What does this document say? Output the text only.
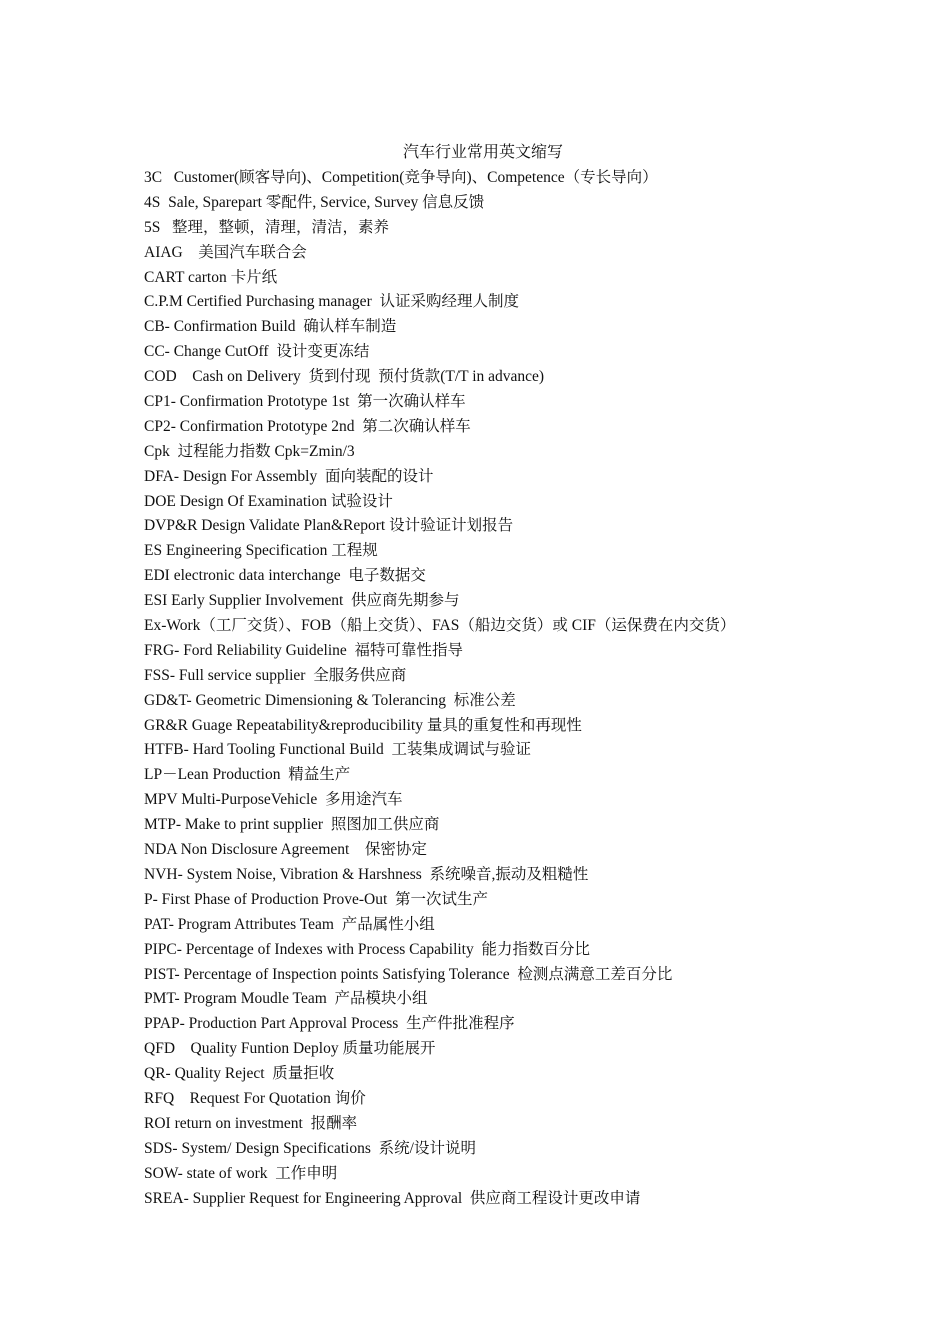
汽车行业常用英文缩写
3C   Customer(顾客导向)、Competition(竞争导向)、Competence（专长导向）
4S  Sale, Sparepart 零配件, Service, Survey 信息反馈
5S   整理，整顿，清理，清洁，素养
AIAG    美国汽车联合会
CART carton 卡片纸
C.P.M Certified Purchasing manager  认证采购经理人制度
CB- Confirmation Build  确认样车制造
CC- Change CutOff  设计变更冻结
COD    Cash on Delivery  货到付现  预付货款(T/T in advance)
CP1- Confirmation Prototype 1st  第一次确认样车
CP2- Confirmation Prototype 2nd  第二次确认样车
Cpk  过程能力指数 Cpk=Zmin/3
DFA- Design For Assembly  面向装配的设计
DOE Design Of Examination 试验设计
DVP&R Design Validate Plan&Report 设计验证计划报告
ES Engineering Specification 工程规
EDI electronic data interchange  电子数据交
ESI Early Supplier Involvement  供应商先期参与
Ex-Work（工厂交货）、FOB（船上交货）、FAS（船边交货）或 CIF（运保费在内交货）
FRG- Ford Reliability Guideline  福特可靠性指导
FSS- Full service supplier  全服务供应商
GD&T- Geometric Dimensioning & Tolerancing  标准公差
GR&R Guage Repeatability&reproducibility 量具的重复性和再现性
HTFB- Hard Tooling Functional Build  工装集成调试与验证
LP－Lean Production  精益生产
MPV Multi-PurposeVehicle  多用途汽车
MTP- Make to print supplier  照图加工供应商
NDA Non Disclosure Agreement    保密协定
NVH- System Noise, Vibration & Harshness  系统噪音,振动及粗糙性
P- First Phase of Production Prove-Out  第一次试生产
PAT- Program Attributes Team  产品属性小组
PIPC- Percentage of Indexes with Process Capability  能力指数百分比
PIST- Percentage of Inspection points Satisfying Tolerance  检测点满意工差百分比
PMT- Program Moudle Team  产品模块小组
PPAP- Production Part Approval Process  生产件批准程序
QFD    Quality Funtion Deploy 质量功能展开
QR- Quality Reject  质量拒收
RFQ    Request For Quotation 询价
ROI return on investment  报酬率
SDS- System/ Design Specifications  系统/设计说明
SOW- state of work  工作申明
SREA- Supplier Request for Engineering Approval  供应商工程设计更改申请
